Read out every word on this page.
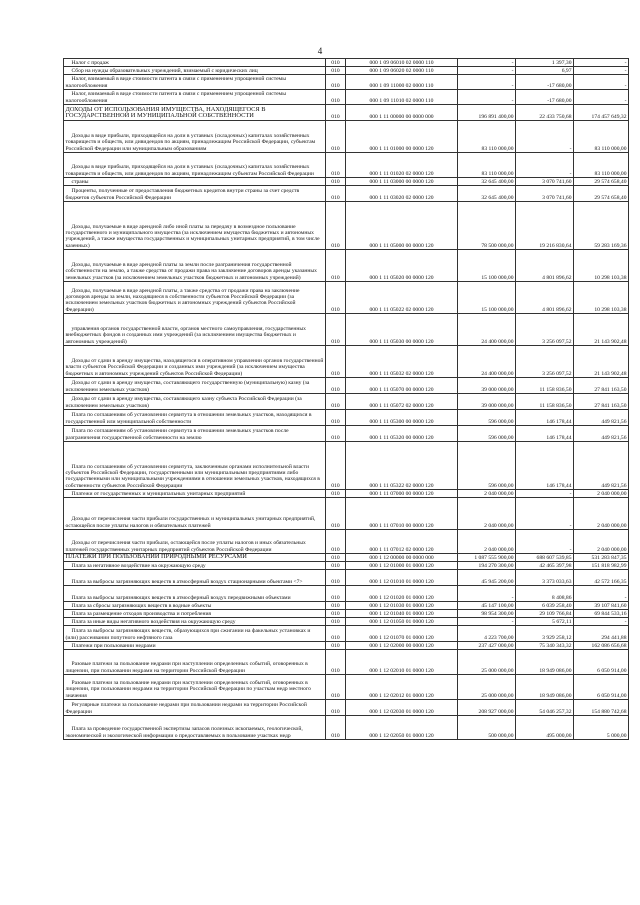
4
Налог с продаж	010	000 1 09 06010 02 0000 110	-	1 397,30	-
Сбор на нужды образовательных учреждений, взимаемый с юридических лиц	010	000 1 09 06020 02 0000 110	-	6,97	-
Налог, взимаемый в виде стоимости патента в связи с применением упрощенной системы налогообложения	010	000 1 09 11000 02 0000 110	-	-17 680,00	-
Налог, взимаемый в виде стоимости патента в связи с применением упрощенной системы налогообложения	010	000 1 09 11010 02 0000 110	-	-17 680,00	-
ДОХОДЫ ОТ ИСПОЛЬЗОВАНИЯ ИМУЩЕСТВА, НАХОДЯЩЕГОСЯ В ГОСУДАРСТВЕННОЙ И МУНИЦИПАЛЬНОЙ СОБСТВЕННОСТИ	010	000 1 11 00000 00 0000 000	196 891 400,00	22 433 750,68	174 457 649,32
Доходы в виде прибыли, приходящейся на доли в уставных (складочных) капиталах хозяйственных товариществ и обществ, или дивидендов по акциям, принадлежащим Российской Федерации, субъектам Российской Федерации или муниципальным образованиям	010	000 1 11 01000 00 0000 120	83 110 000,00	-	83 110 000,00
Доходы в виде прибыли, приходящейся на доли в уставных (складочных) капиталах хозяйственных товариществ и обществ, или дивидендов по акциям, принадлежащим субъектам Российской Федерации	010	000 1 11 01020 02 0000 120	83 110 000,00	-	83 110 000,00
страны	010	000 1 11 03000 00 0000 120	32 645 400,00	3 070 741,60	29 574 658,40
Проценты, полученные от предоставления бюджетных кредитов внутри страны за счет средств бюджетов субъектов Российской Федерации	010	000 1 11 03020 02 0000 120	32 645 400,00	3 070 741,60	29 574 658,40
Доходы, получаемые в виде арендной либо иной платы за передачу в возмездное пользование государственного и муниципального имущества (за исключением имущества бюджетных и автономных учреждений, а также имущества государственных и муниципальных унитарных предприятий, в том числе казенных)	010	000 1 11 05000 00 0000 120	78 500 000,00	19 216 830,64	59 283 169,36
Доходы, получаемые в виде арендной платы за земли после разграничения государственной собственности на землю, а также средства от продажи права на заключение договоров аренды указанных земельных участков (за исключением земельных участков бюджетных и автономных учреждений)	010	000 1 11 05020 00 0000 120	15 100 000,00	4 801 896,62	10 298 103,38
Доходы, получаемые в виде арендной платы, а также средства от продажи права на заключение договоров аренды за земли, находящиеся в собственности субъектов Российской Федерации (за исключением земельных участков бюджетных и автономных учреждений субъектов Российской Федерации)	010	000 1 11 05022 02 0000 120	15 100 000,00	4 801 896,62	10 298 103,38
управления органов государственной власти, органов местного самоуправления, государственных внебюджетных фондов и созданных ими учреждений (за исключением имущества бюджетных и автономных учреждений)	010	000 1 11 05030 00 0000 120	24 400 000,00	3 256 097,52	21 143 902,48
Доходы от сдачи в аренду имущества, находящегося в оперативном управлении органов государственной власти субъектов Российской Федерации и созданных ими учреждений (за исключением имущества бюджетных и автономных учреждений субъектов Российской Федерации)	010	000 1 11 05032 02 0000 120	24 400 000,00	3 256 097,52	21 143 902,48
Доходы от сдачи в аренду имущества, составляющего государственную (муниципальную) казну (за исключением земельных участков)	010	000 1 11 05070 00 0000 120	39 000 000,00	11 158 836,50	27 841 163,50
Доходы от сдачи в аренду имущества, составляющего казну субъекта Российской Федерации (за исключением земельных участков)	010	000 1 11 05072 02 0000 120	39 000 000,00	11 158 836,50	27 841 163,50
Плата по соглашениям об установлении сервитута в отношении земельных участков, находящихся в государственной или муниципальной собственности	010	000 1 11 05300 00 0000 120	596 000,00	146 178,44	449 821,56
Плата по соглашениям об установлении сервитута в отношении земельных участков после разграничения государственной собственности на землю	010	000 1 11 05320 00 0000 120	596 000,00	146 178,44	449 821,56
Плата по соглашениям об установлении сервитута, заключенным органами исполнительной власти субъектов Российской Федерации, государственными или муниципальными предприятиями либо государственными или муниципальными учреждениями в отношении земельных участков, находящихся в собственности субъектов Российской Федерации	010	000 1 11 05322 02 0000 120	596 000,00	146 178,44	449 821,56
Платежи от государственных и муниципальных унитарных предприятий	010	000 1 11 07000 00 0000 120	2 040 000,00	-	2 040 000,00
Доходы от перечисления части прибыли государственных и муниципальных унитарных предприятий, остающейся после уплаты налогов и обязательных платежей	010	000 1 11 07010 00 0000 120	2 040 000,00	-	2 040 000,00
Доходы от перечисления части прибыли, остающейся после уплаты налогов и иных обязательных платежей государственных унитарных предприятий субъектов Российской Федерации	010	000 1 11 07012 02 0000 120	2 040 000,00	-	2 040 000,00
ПЛАТЕЖИ ПРИ ПОЛЬЗОВАНИИ ПРИРОДНЫМИ РЕСУРСАМИ	010	000 1 12 00000 00 0000 000	1 087 555 900,00	688 607 539,85	531 283 847,35
Плата за негативное воздействие на окружающую среду	010	000 1 12 01000 01 0000 120	194 270 300,00	42 465 397,98	151 818 982,99
Плата за выбросы загрязняющих веществ в атмосферный воздух стационарными объектами <7>	010	000 1 12 01010 01 0000 120	45 945 200,00	3 373 033,63	42 572 166,35
Плата за выбросы загрязняющих веществ в атмосферный воздух передвижными объектами	010	000 1 12 01020 01 0000 120	-	8 408,86	-
Плата за сбросы загрязняющих веществ в водные объекты	010	000 1 12 01030 01 0000 120	45 147 100,00	6 039 258,40	39 107 841,60
Плата за размещение отходов производства и потребления	010	000 1 12 01040 01 0000 120	98 954 300,00	29 109 766,84	69 844 533,16
Плата за иные виды негативного воздействия на окружающую среду	010	000 1 12 01050 01 0000 120	-	5 672,11	-
Плата за выбросы загрязняющих веществ, образующихся при сжигании на факельных установках и (или) рассеивании попутного нефтяного газа	010	000 1 12 01070 01 0000 120	4 223 700,00	3 929 258,12	294 441,88
Платежи при пользовании недрами	010	000 1 12 02000 00 0000 120	237 427 000,00	75 340 343,32	162 086 656,68
Разовые платежи за пользование недрами при наступлении определенных событий, оговоренных в лицензии, при пользовании недрами на территории Российской Федерации	010	000 1 12 02010 01 0000 120	25 000 000,00	18 949 086,00	6 050 914,00
Разовые платежи за пользование недрами при наступлении определенных событий, оговоренных в лицензии, при пользовании недрами на территории Российской Федерации по участкам недр местного значения	010	000 1 12 02012 01 0000 120	25 000 000,00	18 949 086,00	6 050 914,00
Регулярные платежи за пользование недрами при пользовании недрами на территории Российской Федерации	010	000 1 12 02030 01 0000 120	208 927 000,00	54 046 257,32	154 880 742,68
Плата за проведение государственной экспертизы запасов полезных ископаемых, геологической, экономической и экологической информации о предоставляемых в пользование участках недр	010	000 1 12 02050 01 0000 120	500 000,00	495 000,00	5 000,00
